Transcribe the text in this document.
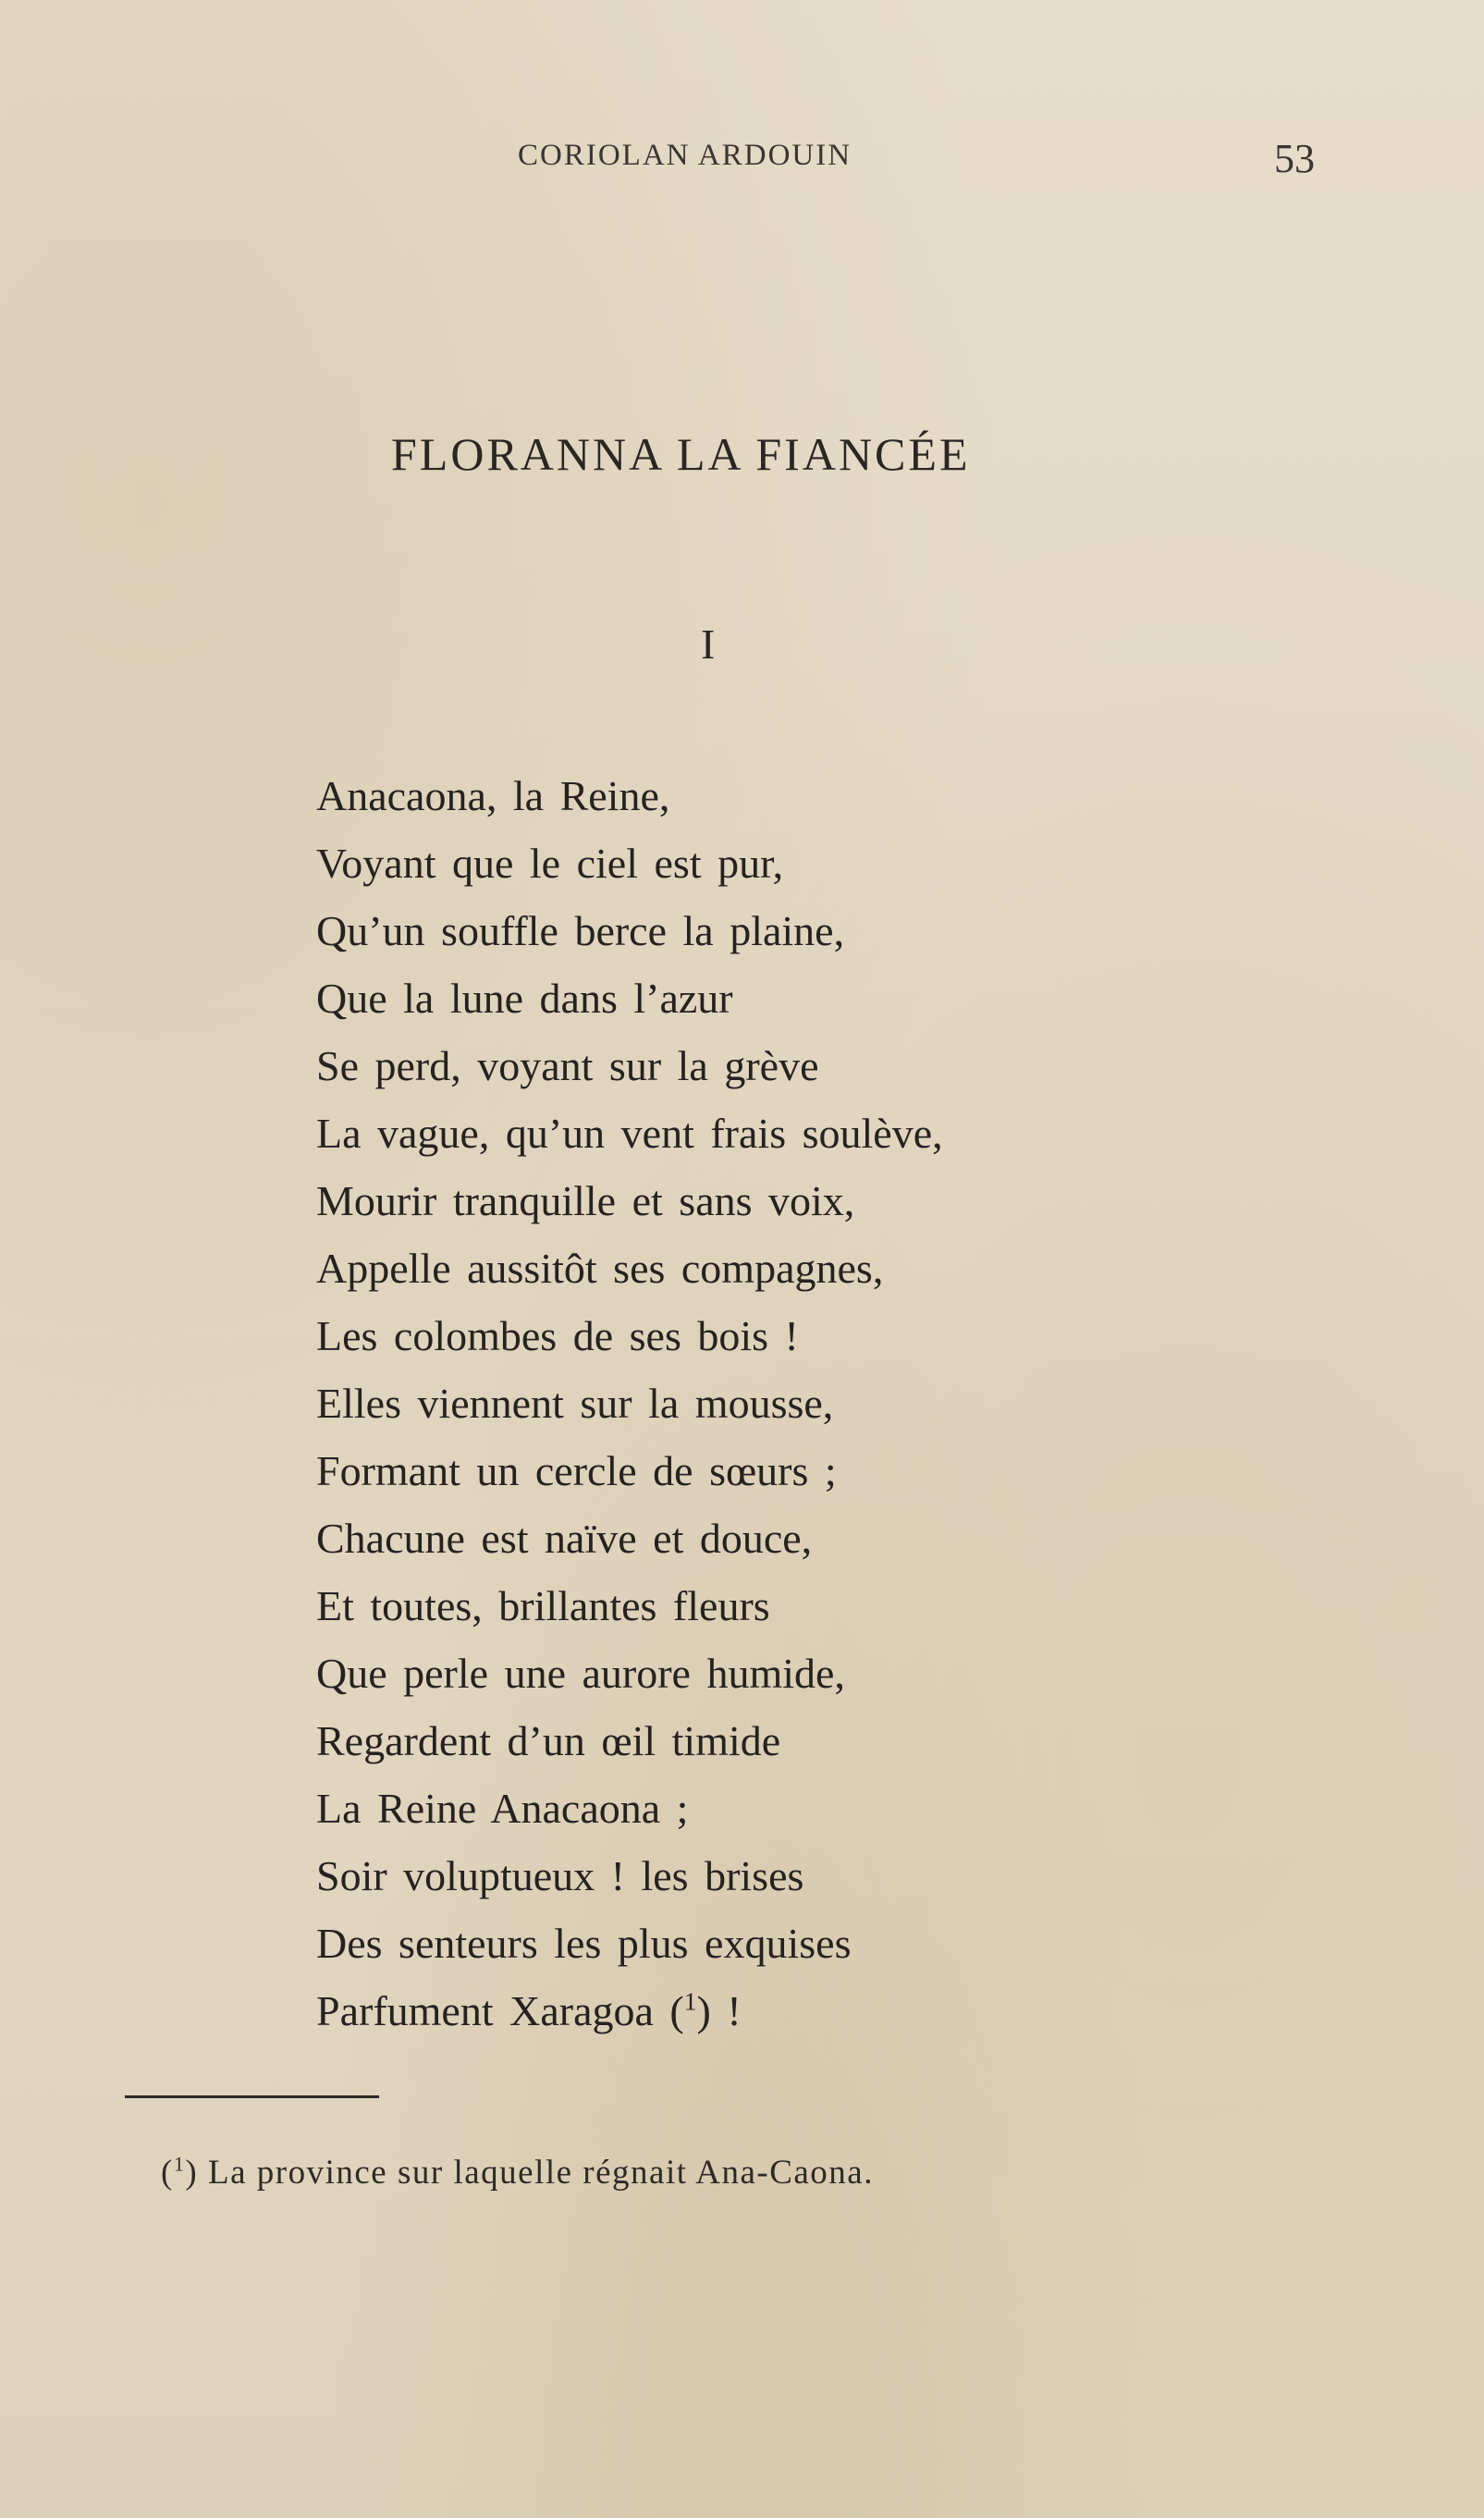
CORIOLAN ARDOUIN	53
FLORANNA LA FIANCÉE
I
Anacaona, la Reine,
Voyant que le ciel est pur,
Qu’un souffle berce la plaine,
Que la lune dans l’azur
Se perd, voyant sur la grève
La vague, qu’un vent frais soulève,
Mourir tranquille et sans voix,
Appelle aussitôt ses compagnes,
Les colombes de ses bois !
Elles viennent sur la mousse,
Formant un cercle de sœurs ;
Chacune est naïve et douce,
Et toutes, brillantes fleurs
Que perle une aurore humide,
Regardent d’un œil timide
La Reine Anacaona ;
Soir voluptueux ! les brises
Des senteurs les plus exquises
Parfument Xaragoa ($^1$) !
($^1$) La province sur laquelle régnait Ana-Caona.
